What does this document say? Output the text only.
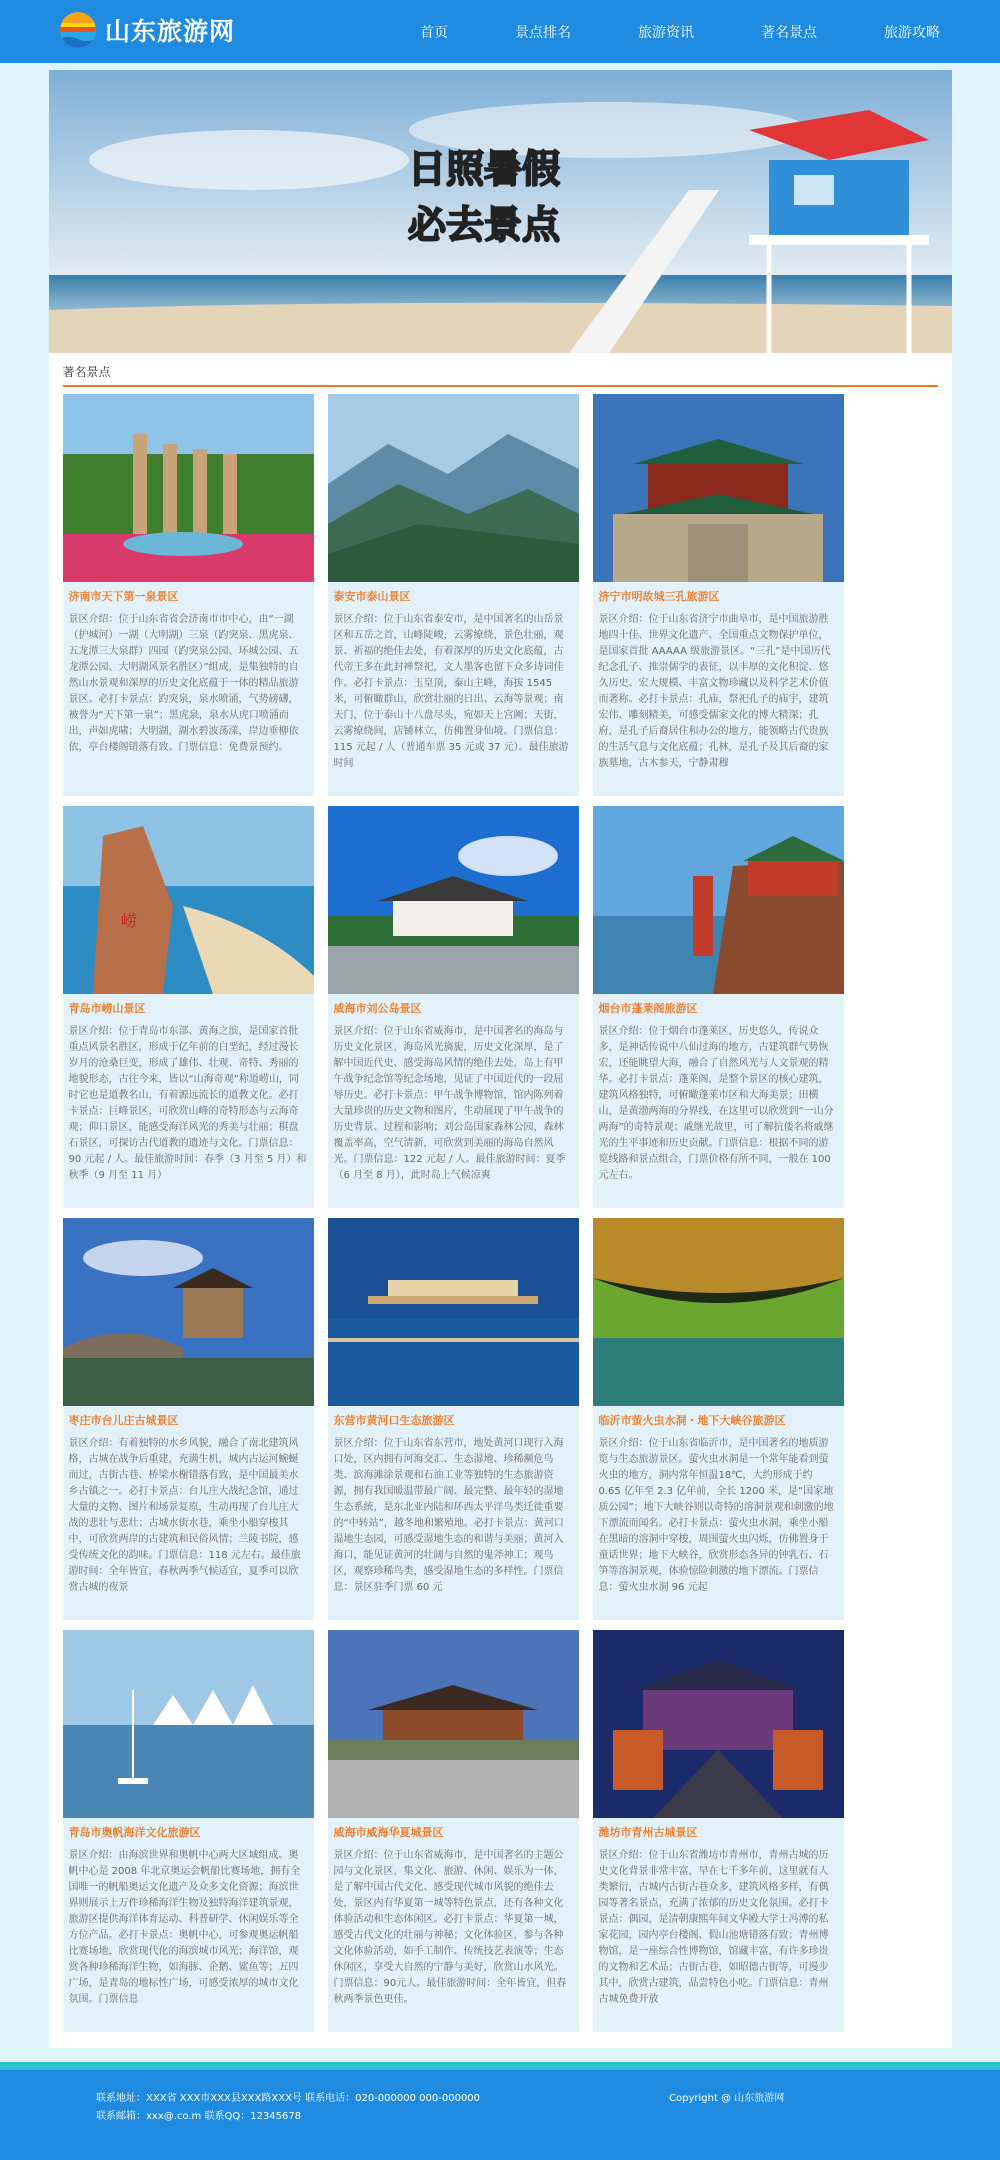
山东旅游网	首页	景点排名	旅游资讯	著名景点	旅游攻略
日照暑假
必去景点
著名景点
济南市天下第一泉景区
景区介绍：位于山东省省会济南市市中心，由“一湖（护城河）一湖（大明湖）三泉（趵突泉、黑虎泉、五龙潭三大泉群）四园（趵突泉公园、环城公园、五龙潭公园、大明湖风景名胜区）”组成，是集独特的自然山水景观和深厚的历史文化底蕴于一体的精品旅游景区。必打卡景点：趵突泉，泉水喷涌，气势磅礴，被誉为“天下第一泉”；黑虎泉，泉水从虎口喷涌而出，声如虎啸；大明湖，湖水碧波荡漾，岸边垂柳依依，亭台楼阁错落有致。门票信息：免费景预约。
泰安市泰山景区
景区介绍：位于山东省泰安市，是中国著名的山岳景区和五岳之首，山峰陡峻，云雾缭绕，景色壮丽，观景、祈福的绝佳去处，有着深厚的历史文化底蕴，古代帝王多在此封禅祭祀，文人墨客也留下众多诗词佳作。必打卡景点：玉皇顶，泰山主峰，海拔 1545 米，可俯瞰群山，欣赏壮丽的日出、云海等景观；南天门，位于泰山十八盘尽头，宛如天上宫阙；天街，云雾缭绕间，店铺林立，仿佛置身仙境。门票信息：115 元起 / 人（普通车票 35 元或 37 元）。最佳旅游时间
济宁市明故城三孔旅游区
景区介绍：位于山东省济宁市曲阜市，是中国旅游胜地四十佳、世界文化遗产、全国重点文物保护单位，是国家首批 AAAAA 级旅游景区。“三孔”是中国历代纪念孔子、推崇儒学的表征，以丰厚的文化积淀、悠久历史、宏大规模、丰富文物珍藏以及科学艺术价值而著称。必打卡景点：孔庙，祭祀孔子的庙宇，建筑宏伟、雕刻精美，可感受儒家文化的博大精深；孔府，是孔子后裔居住和办公的地方，能领略古代贵族的生活气息与文化底蕴；孔林，是孔子及其后裔的家族墓地，古木参天，宁静肃穆
崂
青岛市崂山景区
景区介绍：位于青岛市东部、黄海之滨，是国家首批重点风景名胜区，形成于亿年前的白垩纪，经过漫长岁月的沧桑巨变，形成了雄伟、壮观、奇特、秀丽的地貌形态，古往今来，皆以“山海奇观”称道崂山，同时它也是道教名山，有着源远流长的道教文化。必打卡景点：巨峰景区，可欣赏山峰的奇特形态与云海奇观；仰口景区，能感受海洋风光的秀美与壮丽；棋盘石景区，可探访古代道教的遗迹与文化。门票信息：90 元起 / 人。最佳旅游时间：春季（3 月至 5 月）和秋季（9 月至 11 月）
威海市刘公岛景区
景区介绍：位于山东省威海市，是中国著名的海岛与历史文化景区，海岛风光旖旎，历史文化深厚，是了解中国近代史、感受海岛风情的绝佳去处，岛上有甲午战争纪念馆等纪念场地，见证了中国近代的一段屈辱历史。必打卡景点：甲午战争博物馆，馆内陈列着大量珍贵的历史文物和图片，生动展现了甲午战争的历史背景、过程和影响；刘公岛国家森林公园，森林覆盖率高，空气清新，可欣赏到美丽的海岛自然风光。门票信息：122 元起 / 人。最佳旅游时间：夏季（6 月至 8 月），此时岛上气候凉爽
烟台市蓬莱阁旅游区
景区介绍：位于烟台市蓬莱区，历史悠久，传说众多，是神话传说中八仙过海的地方，古建筑群气势恢宏，还能眺望大海，融合了自然风光与人文景观的精华。必打卡景点：蓬莱阁，是整个景区的核心建筑，建筑风格独特，可俯瞰蓬莱市区和大海美景；田横山，是黄渤两海的分界线，在这里可以欣赏到“一山分两海”的奇特景观；戚继光故里，可了解抗倭名将戚继光的生平事迹和历史贡献。门票信息：根据不同的游览线路和景点组合，门票价格有所不同，一般在 100 元左右。
枣庄市台儿庄古城景区
景区介绍：有着独特的水乡风貌，融合了南北建筑风格，古城在战争后重建，充满生机，城内古运河蜿蜒而过，古街古巷、桥梁水榭错落有致，是中国最美水乡古镇之一。必打卡景点：台儿庄大战纪念馆，通过大量的文物、图片和场景复原，生动再现了台儿庄大战的悲壮与悲壮；古城水街水巷，乘坐小船穿梭其中，可欣赏两岸的古建筑和民俗风情；兰陵书院，感受传统文化的韵味。门票信息：118 元左右。最佳旅游时间：全年皆宜，春秋两季气候适宜，夏季可以欣赏古城的夜景
东营市黄河口生态旅游区
景区介绍：位于山东省东营市，地处黄河口现行入海口处，区内拥有河海交汇、生态湿地、珍稀濒危鸟类、滨海滩涂景观和石油工业等独特的生态旅游资源，拥有我国暖温带最广阔、最完整、最年轻的湿地生态系统，是东北亚内陆和环西太平洋鸟类迁徙重要的“中转站”，越冬地和繁殖地。必打卡景点：黄河口湿地生态园，可感受湿地生态的和谐与美丽；黄河入海口，能见证黄河的壮阔与自然的鬼斧神工；观鸟区，观察珍稀鸟类，感受湿地生态的多样性。门票信息：景区驻季门票 60 元
临沂市萤火虫水洞・地下大峡谷旅游区
景区介绍：位于山东省临沂市，是中国著名的地质游览与生态旅游景区。萤火虫水洞是一个常年能看到萤火虫的地方，洞内常年恒温18℃，大约形成于约 0.65 亿年至 2.3 亿年前，全长 1200 米，是“国家地质公园”；地下大峡谷则以奇特的溶洞景观和刺激的地下漂流而闻名。必打卡景点：萤火虫水洞，乘坐小船在黑暗的溶洞中穿梭，周围萤火虫闪烁，仿佛置身于童话世界；地下大峡谷，欣赏形态各异的钟乳石、石笋等溶洞景观，体验惊险刺激的地下漂流。门票信息：萤火虫水洞 96 元起
青岛市奥帆海洋文化旅游区
景区介绍：由海滨世界和奥帆中心两大区域组成。奥帆中心是 2008 年北京奥运会帆船比赛场地，拥有全国唯一的帆船奥运文化遗产及众多文化资源；海滨世界则展示上万件珍稀海洋生物及独特海洋建筑景观，旅游区提供海洋体育运动、科普研学、休闲娱乐等全方位产品。必打卡景点：奥帆中心，可参观奥运帆船比赛场地，欣赏现代化的海滨城市风光；海洋馆，观赏各种珍稀海洋生物，如海豚、企鹅、鲨鱼等；五四广场，是青岛的地标性广场，可感受浓厚的城市文化氛围。门票信息
威海市威海华夏城景区
景区介绍：位于山东省威海市，是中国著名的主题公园与文化景区，集文化、旅游、休闲、娱乐为一体，是了解中国古代文化、感受现代城市风貌的绝佳去处，景区内有华夏第一城等特色景点，还有各种文化体验活动和生态体闲区。必打卡景点：华夏第一城，感受古代文化的壮丽与神秘；文化体验区，参与各种文化体验活动，如手工制作、传统技艺表演等；生态休闲区，享受大自然的宁静与美好，欣赏山水风光。门票信息：90元人。最佳旅游时间：全年皆宜，但春秋两季景色更佳。
潍坊市青州古城景区
景区介绍：位于山东省潍坊市青州市，青州古城的历史文化背景非常丰富，早在七千多年前，这里就有人类繁衍，古城内古街古巷众多，建筑风格多样，有偶园等著名景点，充满了浓郁的历史文化氛围。必打卡景点：偶园，是清朝康熙年间文华殿大学士冯溥的私家花园，园内亭台楼阁、假山池塘错落有致；青州博物馆，是一座综合性博物馆，馆藏丰富，有许多珍贵的文物和艺术品；古街古巷，如昭德古街等，可漫步其中，欣赏古建筑，品尝特色小吃。门票信息：青州古城免费开放
联系地址：XXX省 XXX市XXX县XXX路XXX号 联系电话：020-000000 000-000000
联系邮箱：xxx@.co.m 联系QQ：12345678
Copyright @ 山东旅游网
